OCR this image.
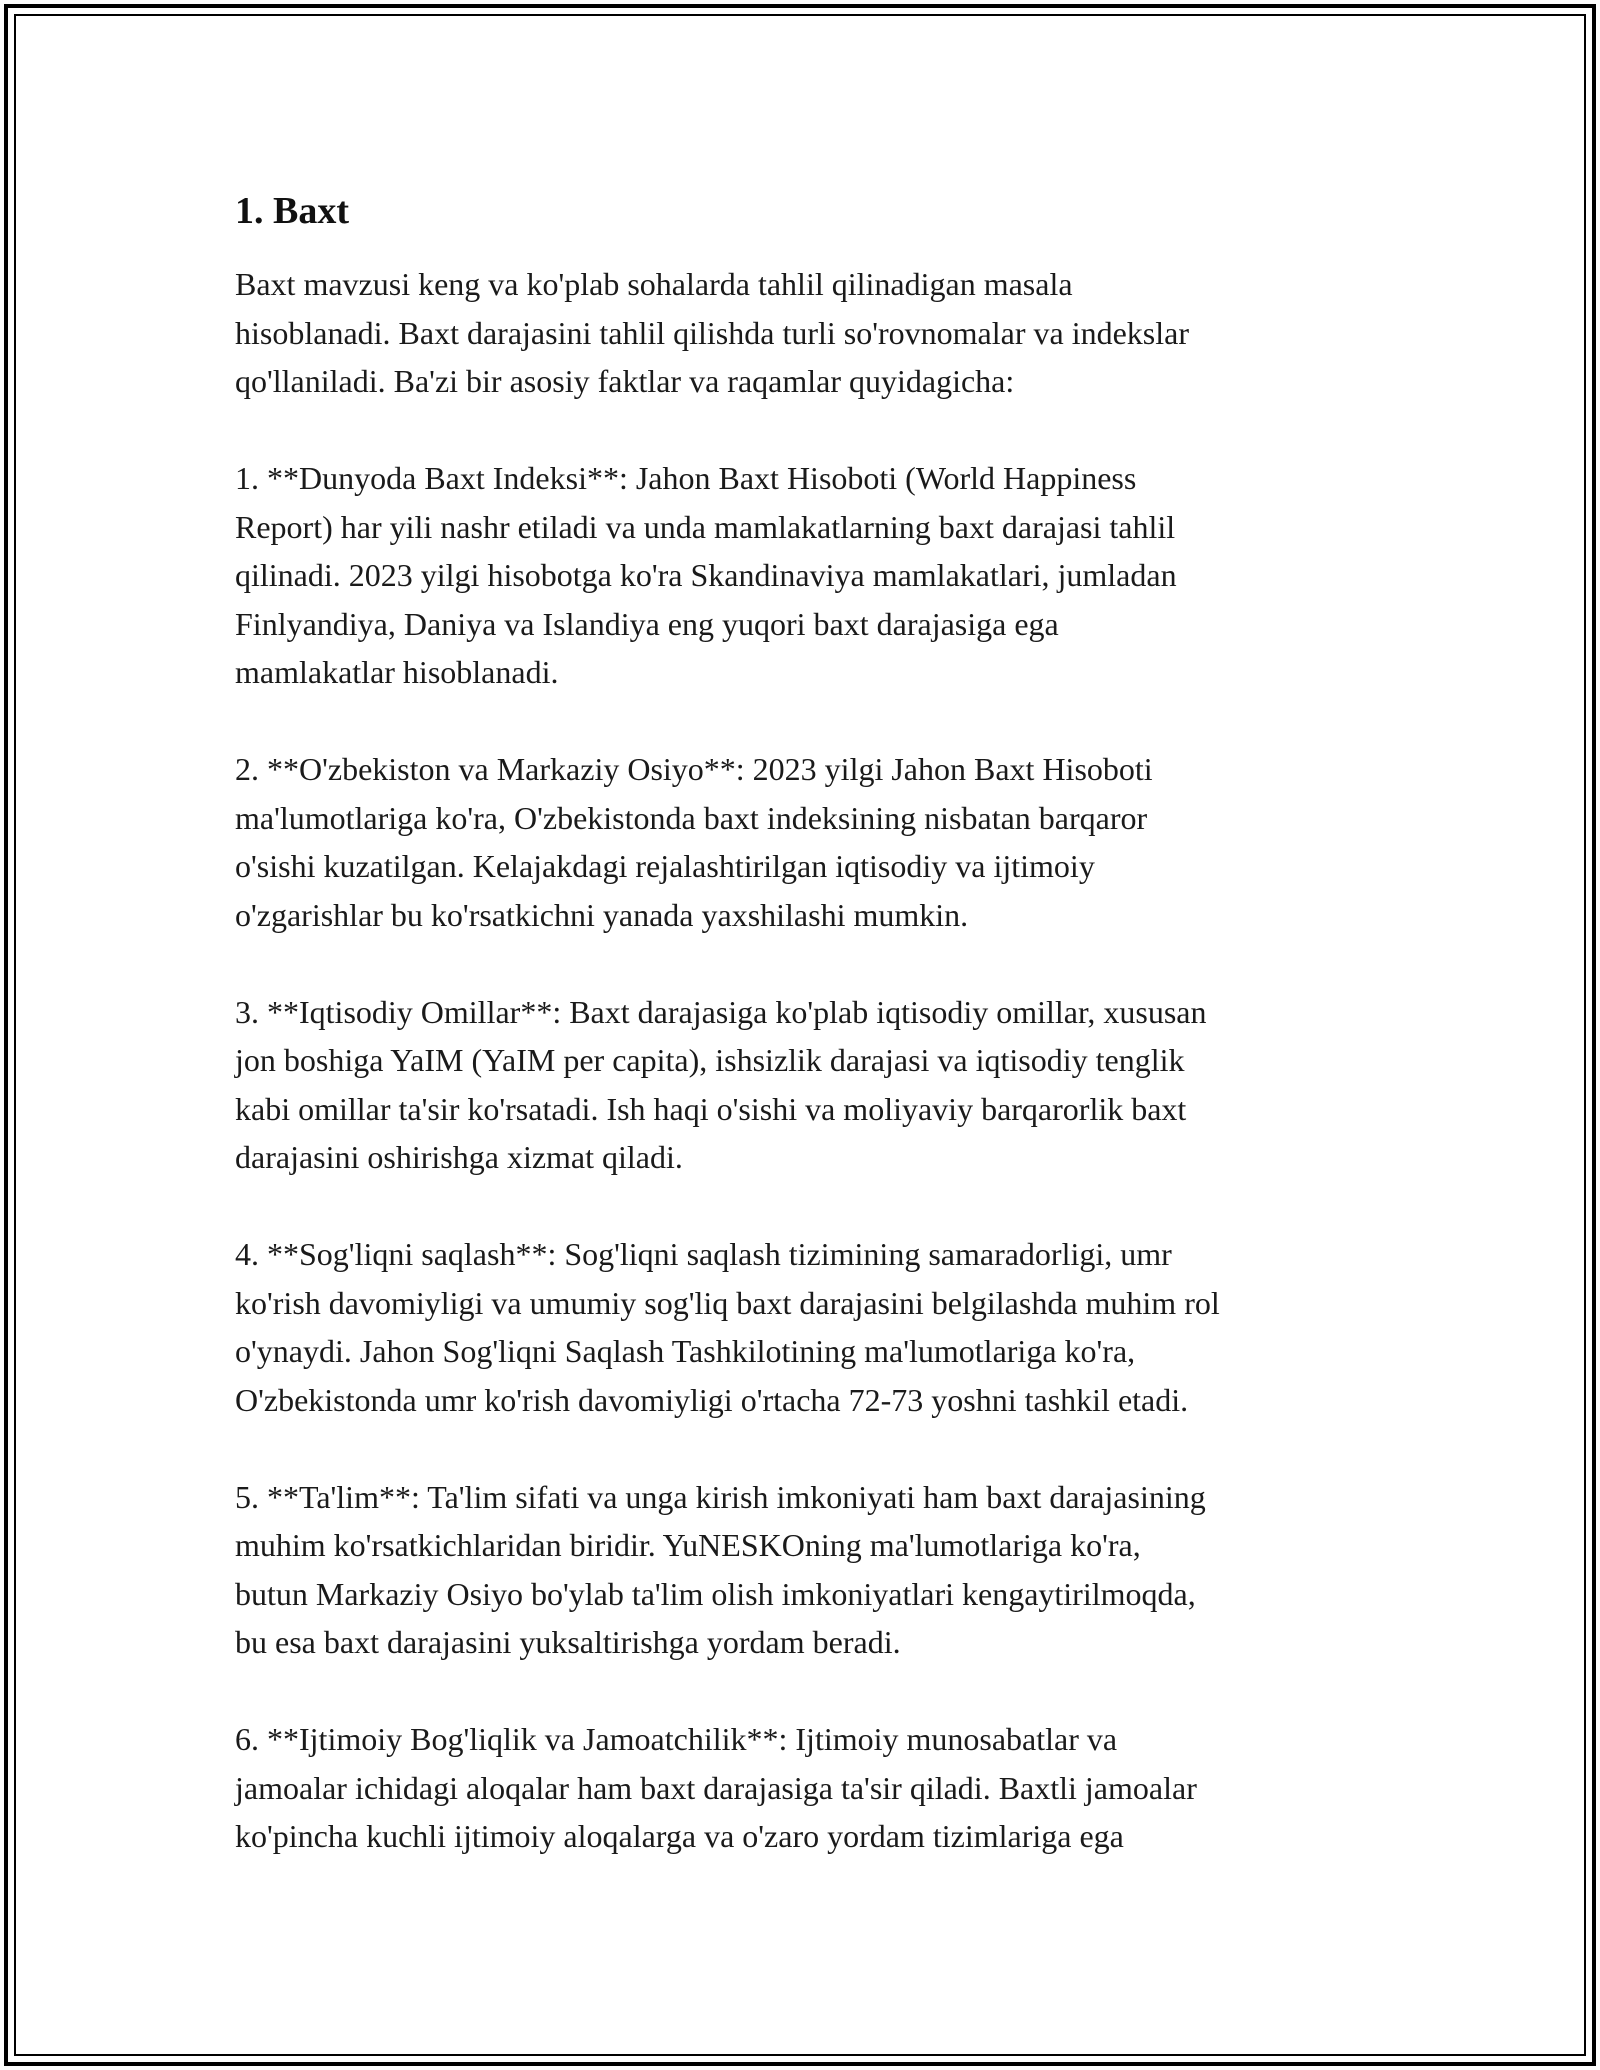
1. Baxt

Baxt mavzusi keng va ko'plab sohalarda tahlil qilinadigan masala
hisoblanadi. Baxt darajasini tahlil qilishda turli so'rovnomalar va indekslar
qo'llaniladi. Ba'zi bir asosiy faktlar va raqamlar quyidagicha:

1. **Dunyoda Baxt Indeksi**: Jahon Baxt Hisoboti (World Happiness
Report) har yili nashr etiladi va unda mamlakatlarning baxt darajasi tahlil
qilinadi. 2023 yilgi hisobotga ko'ra Skandinaviya mamlakatlari, jumladan
Finlyandiya, Daniya va Islandiya eng yuqori baxt darajasiga ega
mamlakatlar hisoblanadi.

2. **O'zbekiston va Markaziy Osiyo**: 2023 yilgi Jahon Baxt Hisoboti
ma'lumotlariga ko'ra, O'zbekistonda baxt indeksining nisbatan barqaror
o'sishi kuzatilgan. Kelajakdagi rejalashtirilgan iqtisodiy va ijtimoiy
o'zgarishlar bu ko'rsatkichni yanada yaxshilashi mumkin.

3. **Iqtisodiy Omillar**: Baxt darajasiga ko'plab iqtisodiy omillar, xususan
jon boshiga YaIM (YaIM per capita), ishsizlik darajasi va iqtisodiy tenglik
kabi omillar ta'sir ko'rsatadi. Ish haqi o'sishi va moliyaviy barqarorlik baxt
darajasini oshirishga xizmat qiladi.

4. **Sog'liqni saqlash**: Sog'liqni saqlash tizimining samaradorligi, umr
ko'rish davomiyligi va umumiy sog'liq baxt darajasini belgilashda muhim rol
o'ynaydi. Jahon Sog'liqni Saqlash Tashkilotining ma'lumotlariga ko'ra,
O'zbekistonda umr ko'rish davomiyligi o'rtacha 72-73 yoshni tashkil etadi.

5. **Ta'lim**: Ta'lim sifati va unga kirish imkoniyati ham baxt darajasining
muhim ko'rsatkichlaridan biridir. YuNESKOning ma'lumotlariga ko'ra,
butun Markaziy Osiyo bo'ylab ta'lim olish imkoniyatlari kengaytirilmoqda,
bu esa baxt darajasini yuksaltirishga yordam beradi.

6. **Ijtimoiy Bog'liqlik va Jamoatchilik**: Ijtimoiy munosabatlar va
jamoalar ichidagi aloqalar ham baxt darajasiga ta'sir qiladi. Baxtli jamoalar
ko'pincha kuchli ijtimoiy aloqalarga va o'zaro yordam tizimlariga ega
